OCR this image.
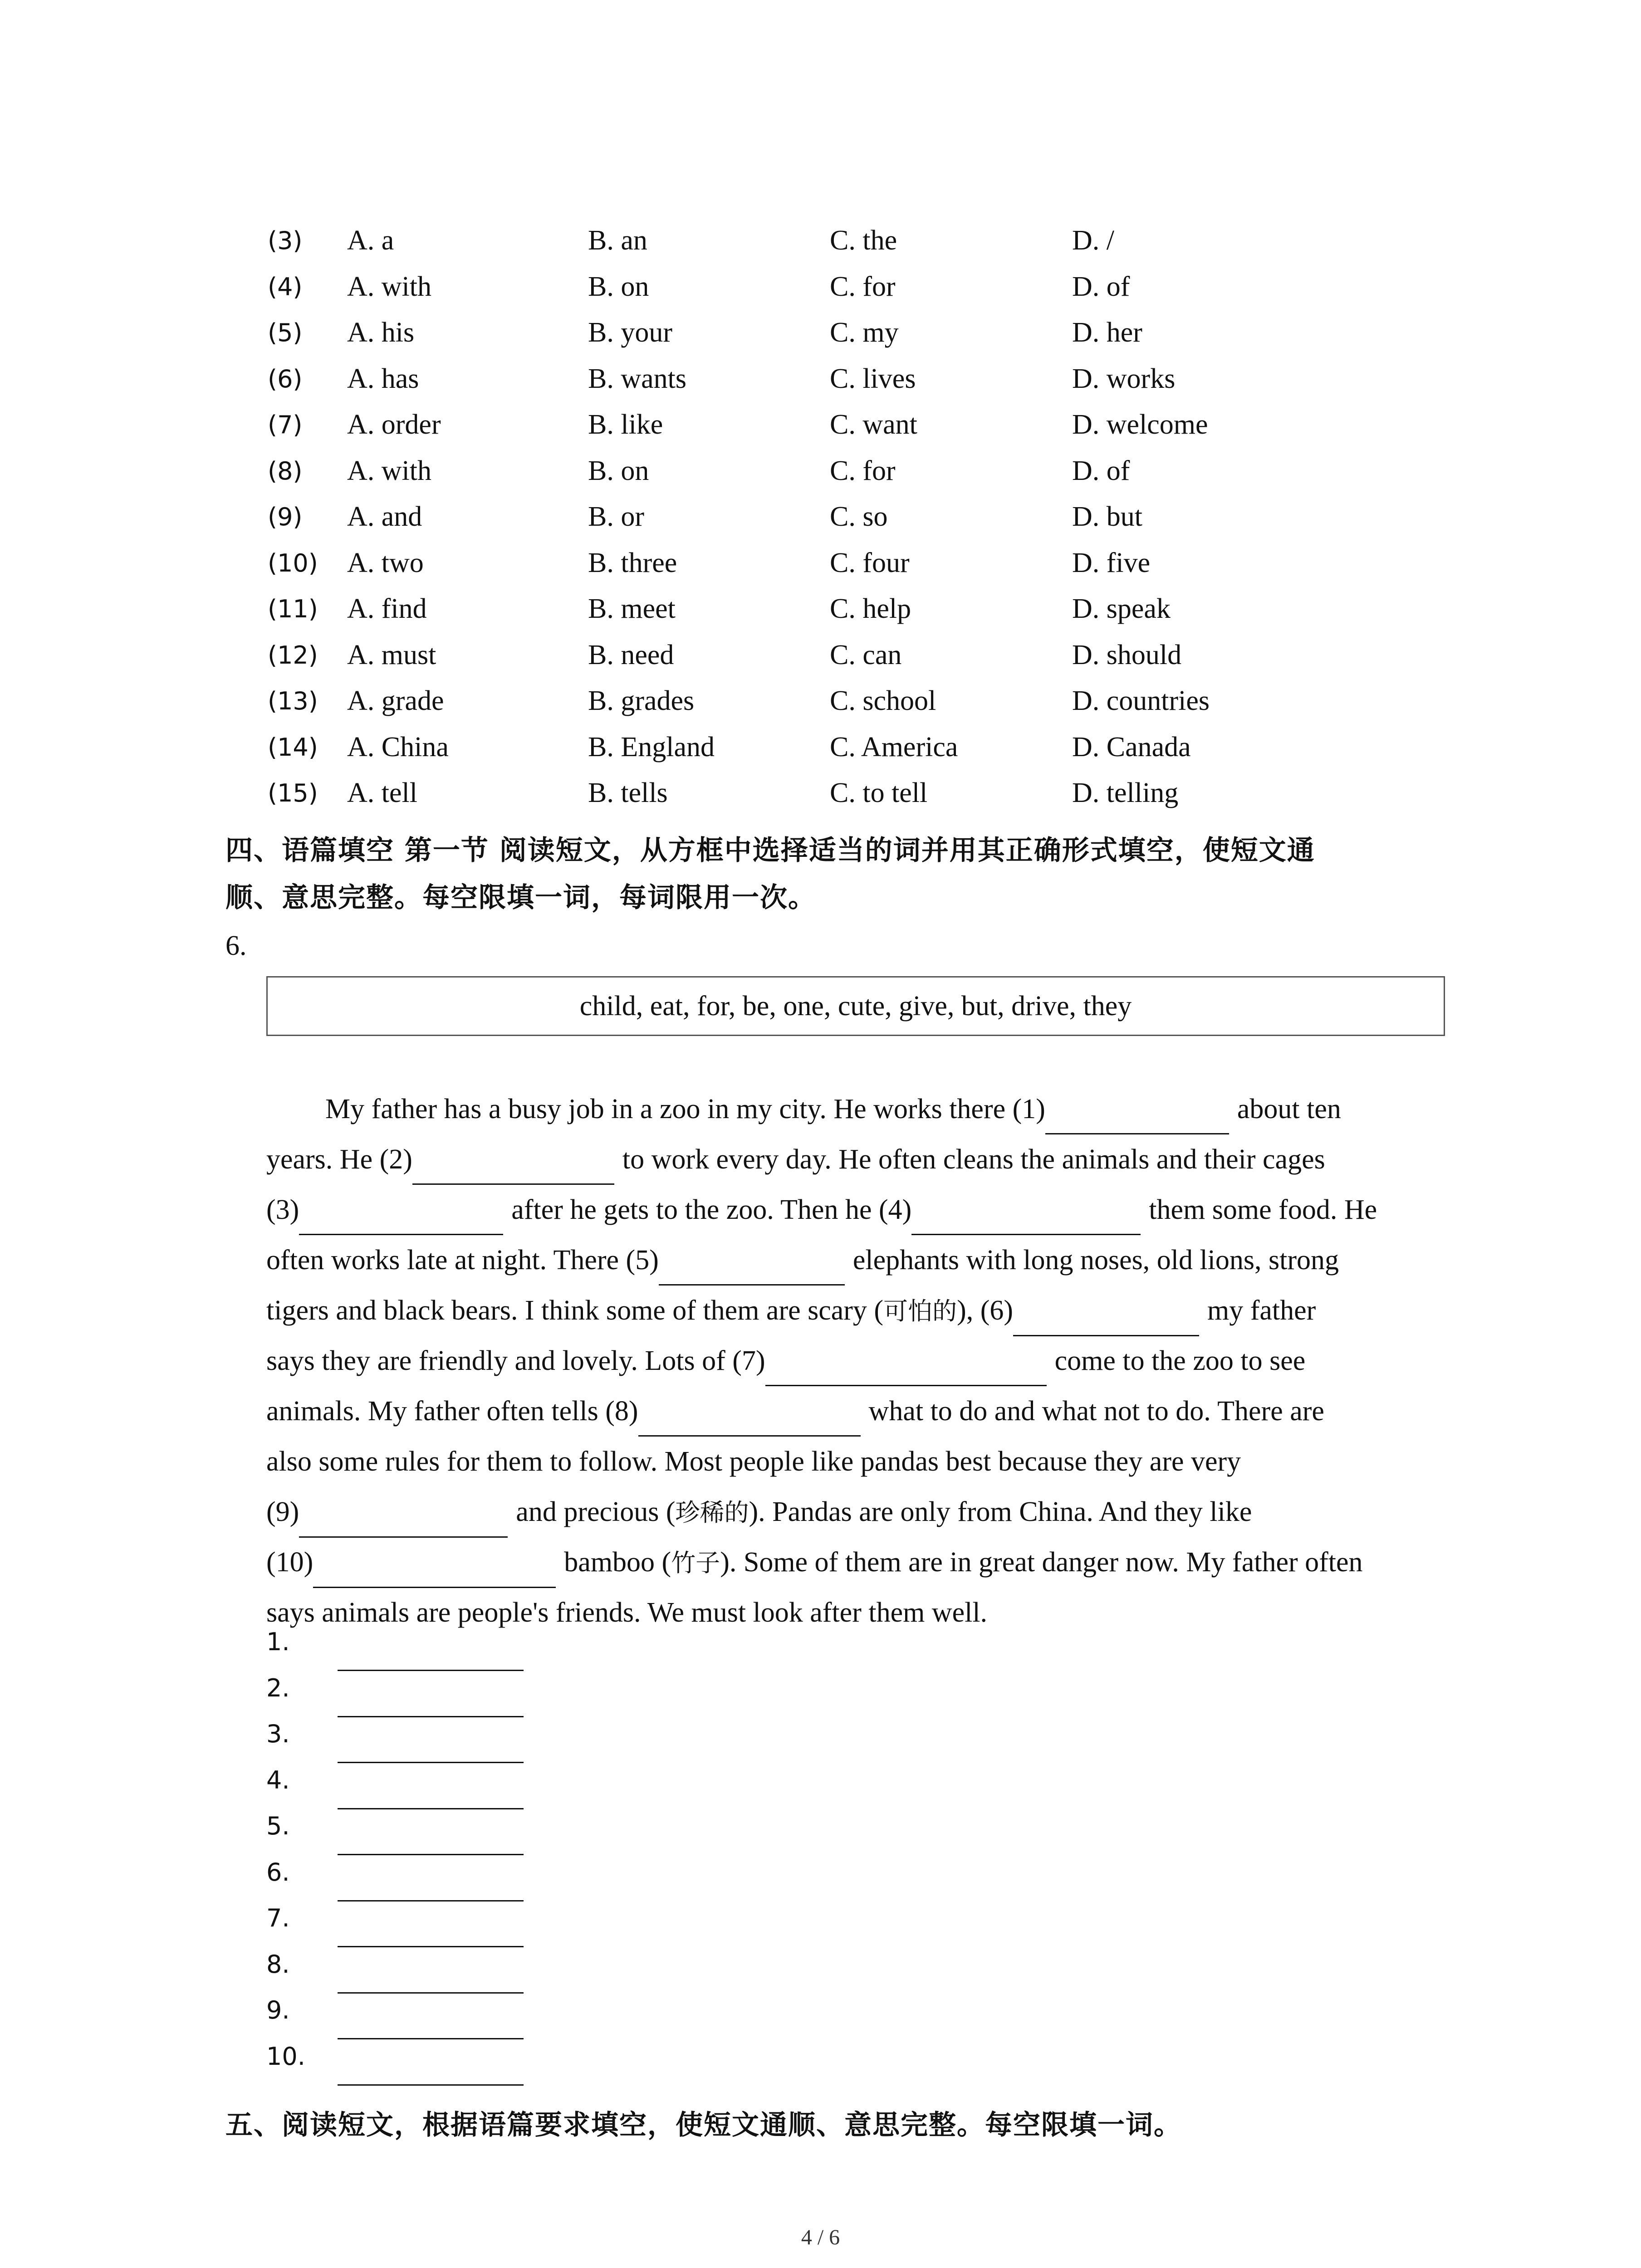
(3) A. a	B. an	C. the	D. /
(4) A. with	B. on	C. for	D. of
(5) A. his	B. your	C. my	D. her
(6) A. has	B. wants	C. lives	D. works
(7) A. order	B. like	C. want	D. welcome
(8) A. with	B. on	C. for	D. of
(9) A. and	B. or	C. so	D. but
(10) A. two	B. three	C. four	D. five
(11) A. find	B. meet	C. help	D. speak
(12) A. must	B. need	C. can	D. should
(13) A. grade	B. grades	C. school	D. countries
(14) A. China	B. England	C. America	D. Canada
(15) A. tell	B. tells	C. to tell	D. telling
四、语篇填空 第一节 阅读短文，从方框中选择适当的词并用其正确形式填空，使短文通
顺、意思完整。每空限填一词，每词限用一次。
6.
child, eat, for, be, one, cute, give, but, drive, they
My father has a busy job in a zoo in my city. He works there (1)	about ten
years. He (2)	to work every day. He often cleans the animals and their cages
(3)	after he gets to the zoo. Then he (4)	them some food. He
often works late at night. There (5)	elephants with long noses, old lions, strong
tigers and black bears. I think some of them are scary (可怕的), (6)	my father
says they are friendly and lovely. Lots of (7)	come to the zoo to see
animals. My father often tells (8)	what to do and what not to do. There are
also some rules for them to follow. Most people like pandas best because they are very
(9)	and precious (珍稀的). Pandas are only from China. And they like
(10)	bamboo (竹子). Some of them are in great danger now. My father often
says animals are people's friends. We must look after them well.
1.
2.
3.
4.
5.
6.
7.
8.
9.
10.
五、阅读短文，根据语篇要求填空，使短文通顺、意思完整。每空限填一词。
4 / 6
